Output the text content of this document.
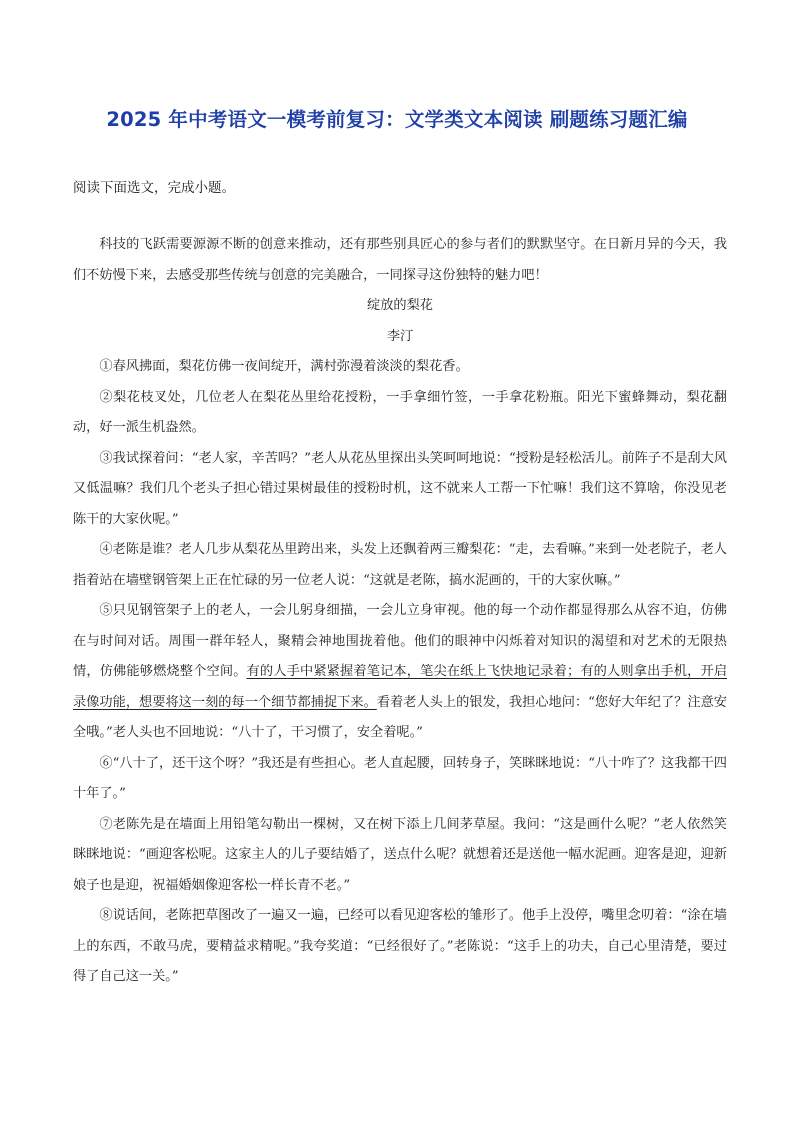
2025 年中考语文一模考前复习：文学类文本阅读 刷题练习题汇编
阅读下面选文，完成小题。

科技的飞跃需要源源不断的创意来推动，还有那些别具匠心的参与者们的默默坚守。在日新月异的今天，我们不妨慢下来，去感受那些传统与创意的完美融合，一同探寻这份独特的魅力吧！

绽放的梨花

李汀

①春风拂面，梨花仿佛一夜间绽开，满村弥漫着淡淡的梨花香。

②梨花枝叉处，几位老人在梨花丛里给花授粉，一手拿细竹签，一手拿花粉瓶。阳光下蜜蜂舞动，梨花翻动，好一派生机盎然。

③我试探着问：“老人家，辛苦吗？”老人从花丛里探出头笑呵呵地说：“授粉是轻松活儿。前阵子不是刮大风又低温嘛？我们几个老头子担心错过果树最佳的授粉时机，这不就来人工帮一下忙嘛！我们这不算啥，你没见老陈干的大家伙呢。”

④老陈是谁？老人几步从梨花丛里跨出来，头发上还飘着两三瓣梨花：“走，去看嘛。”来到一处老院子，老人指着站在墙壁钢管架上正在忙碌的另一位老人说：“这就是老陈，搞水泥画的，干的大家伙嘛。”

⑤只见钢管架子上的老人，一会儿躬身细描，一会儿立身审视。他的每一个动作都显得那么从容不迫，仿佛在与时间对话。周围一群年轻人，聚精会神地围拢着他。他们的眼神中闪烁着对知识的渴望和对艺术的无限热情，仿佛能够燃烧整个空间。有的人手中紧紧握着笔记本，笔尖在纸上飞快地记录着；有的人则拿出手机，开启录像功能，想要将这一刻的每一个细节都捕捉下来。看着老人头上的银发，我担心地问：“您好大年纪了？注意安全哦。”老人头也不回地说：“八十了，干习惯了，安全着呢。”

⑥“八十了，还干这个呀？”我还是有些担心。老人直起腰，回转身子，笑眯眯地说：“八十咋了？这我都干四十年了。”

⑦老陈先是在墙面上用铅笔勾勒出一棵树，又在树下添上几间茅草屋。我问：“这是画什么呢？”老人依然笑眯眯地说：“画迎客松呢。这家主人的儿子要结婚了，送点什么呢？就想着还是送他一幅水泥画。迎客是迎，迎新娘子也是迎，祝福婚姻像迎客松一样长青不老。”

⑧说话间，老陈把草图改了一遍又一遍，已经可以看见迎客松的雏形了。他手上没停，嘴里念叨着：“涂在墙上的东西，不敢马虎，要精益求精呢。”我夸奖道：“已经很好了。”老陈说：“这手上的功夫，自己心里清楚，要过得了自己这一关。”
